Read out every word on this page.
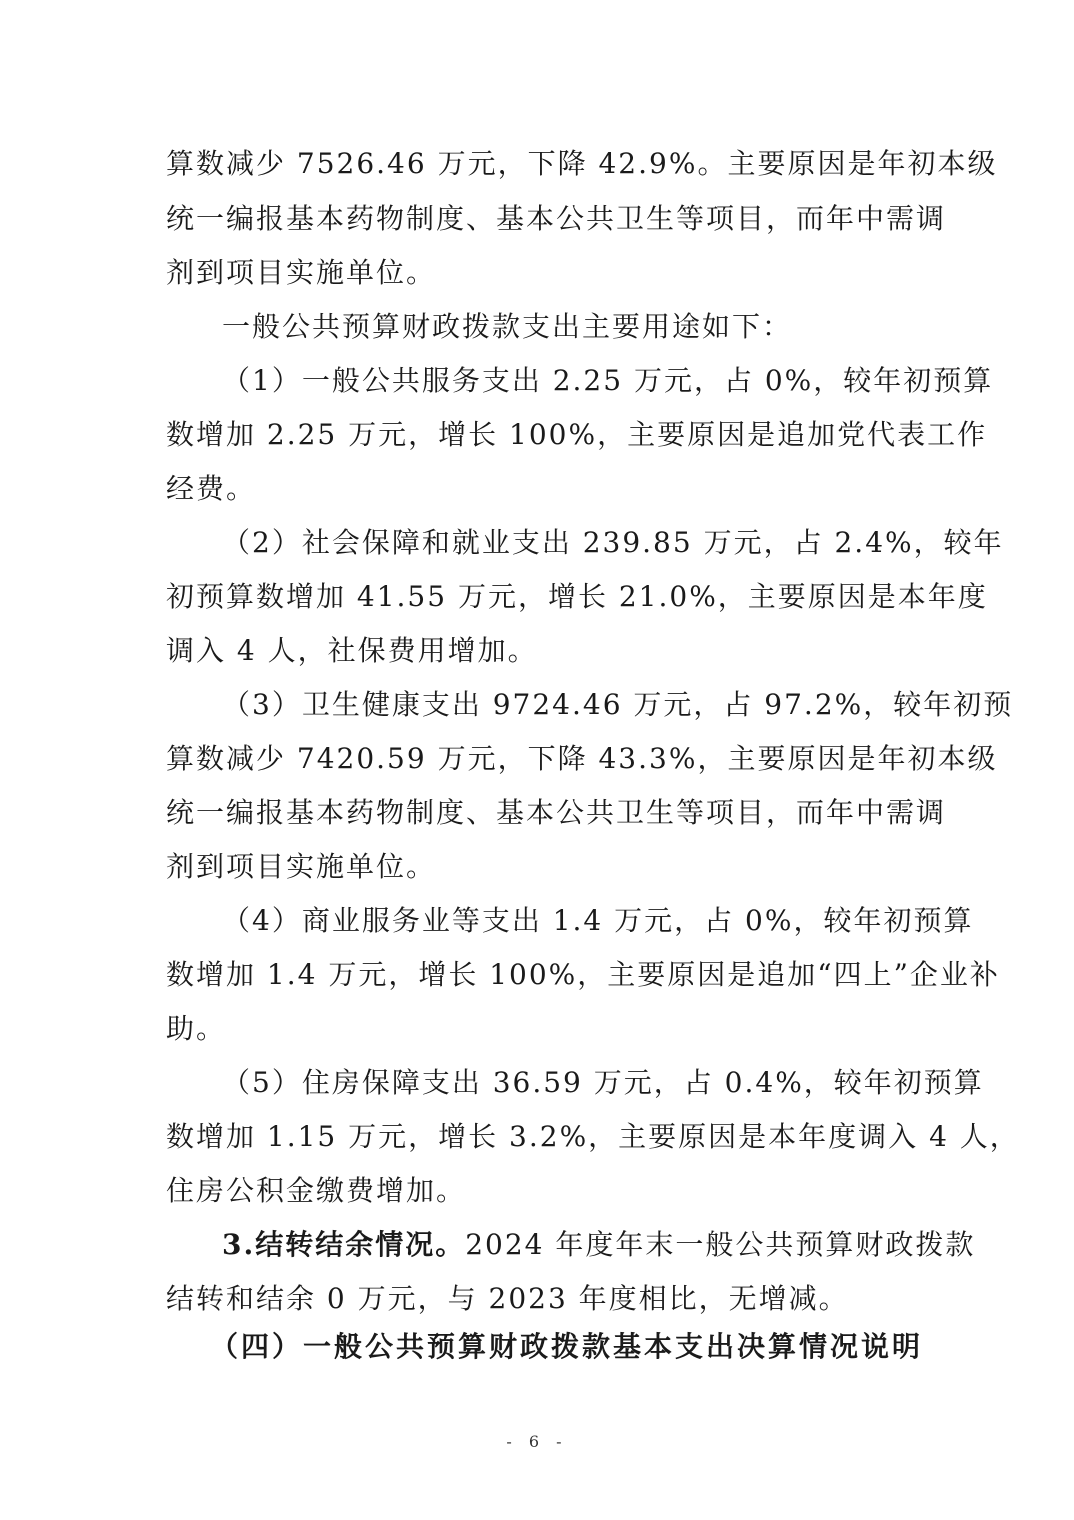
算数减少 7526.46 万元，下降 42.9%。主要原因是年初本级
统一编报基本药物制度、基本公共卫生等项目，而年中需调
剂到项目实施单位。
一般公共预算财政拨款支出主要用途如下：
（1）一般公共服务支出 2.25 万元，占 0%，较年初预算
数增加 2.25 万元，增长 100%，主要原因是追加党代表工作
经费。
（2）社会保障和就业支出 239.85 万元，占 2.4%，较年
初预算数增加 41.55 万元，增长 21.0%，主要原因是本年度
调入 4 人，社保费用增加。
（3）卫生健康支出 9724.46 万元，占 97.2%，较年初预
算数减少 7420.59 万元，下降 43.3%，主要原因是年初本级
统一编报基本药物制度、基本公共卫生等项目，而年中需调
剂到项目实施单位。
（4）商业服务业等支出 1.4 万元，占 0%，较年初预算
数增加 1.4 万元，增长 100%，主要原因是追加“四上”企业补
助。
（5）住房保障支出 36.59 万元，占 0.4%，较年初预算
数增加 1.15 万元，增长 3.2%，主要原因是本年度调入 4 人，
住房公积金缴费增加。
3.结转结余情况。2024 年度年末一般公共预算财政拨款
结转和结余 0 万元，与 2023 年度相比，无增减。
（四）一般公共预算财政拨款基本支出决算情况说明
- 6 -
